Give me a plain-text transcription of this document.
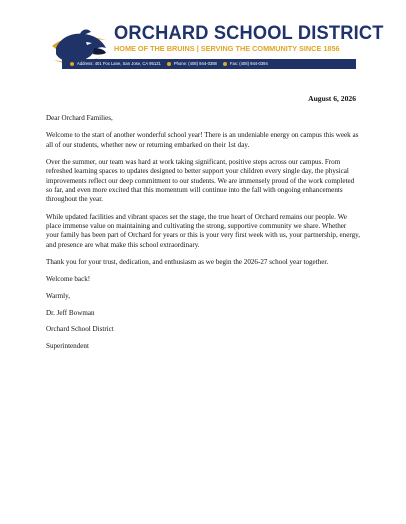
ORCHARD SCHOOL DISTRICT
HOME OF THE BRUINS | SERVING THE COMMUNITY SINCE 1856
Address: 401 Fox Lane, San Jose, CA 95131	Phone: (408) 944-0388	Fax: (408) 944-0394
August 6, 2026

Dear Orchard Families,

Welcome to the start of another wonderful school year! There is an undeniable energy on campus this week as all of our students, whether new or returning embarked on their 1st day.

Over the summer, our team was hard at work taking significant, positive steps across our campus. From refreshed learning spaces to updates designed to better support your children every single day, the physical improvements reflect our deep commitment to our students. We are immensely proud of the work completed so far, and even more excited that this momentum will continue into the fall with ongoing enhancements throughout the year.

While updated facilities and vibrant spaces set the stage, the true heart of Orchard remains our people. We place immense value on maintaining and cultivating the strong, supportive community we share. Whether your family has been part of Orchard for years or this is your very first week with us, your partnership, energy, and presence are what make this school extraordinary.

Thank you for your trust, dedication, and enthusiasm as we begin the 2026-27 school year together.

Welcome back!

Warmly,

Dr. Jeff Bowman

Orchard School District

Superintendent
